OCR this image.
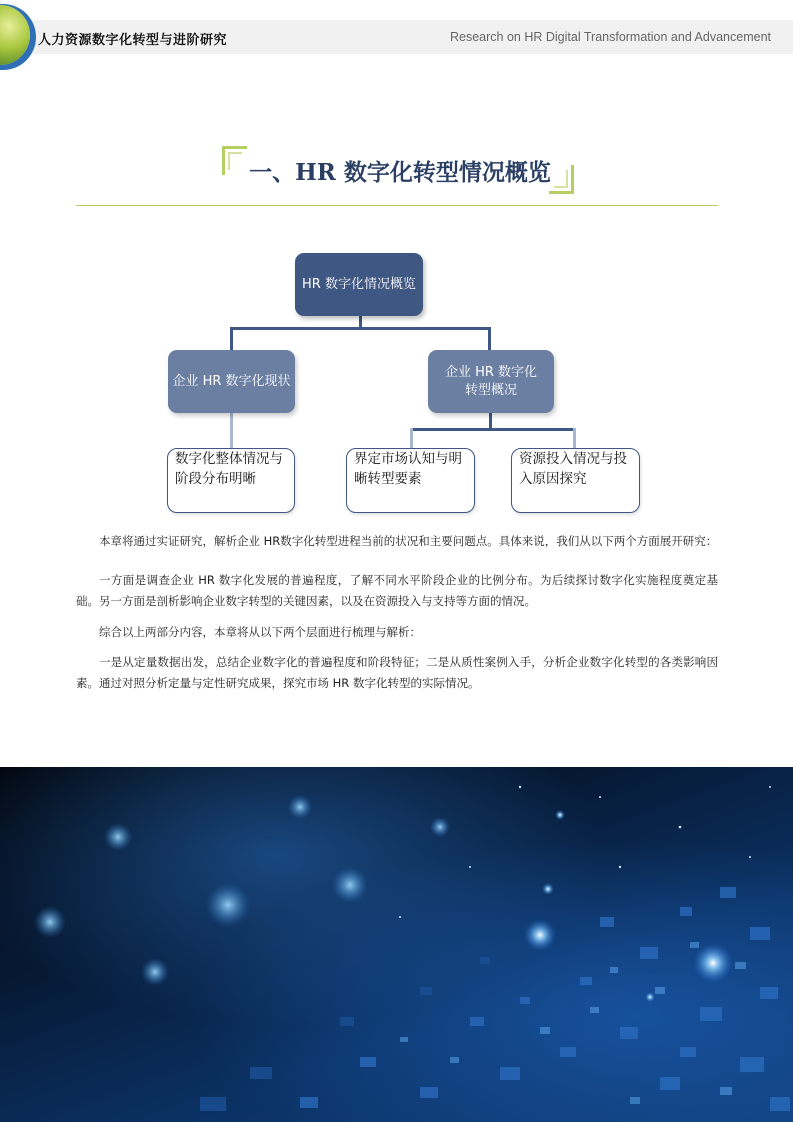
人力资源数字化转型与进阶研究	Research on HR Digital Transformation and Advancement
一、HR 数字化转型情况概览
HR 数字化情况概览
企业 HR 数字化现状
企业 HR 数字化
转型概况
数字化整体情况与
阶段分布明晰
界定市场认知与明
晰转型要素
资源投入情况与投
入原因探究

本章将通过实证研究，解析企业 HR数字化转型进程当前的状况和主要问题点。具体来说，我们从以下两个方面展开研究：

一方面是调查企业 HR 数字化发展的普遍程度，了解不同水平阶段企业的比例分布。为后续探讨数字化实施程度奠定基础。另一方面是剖析影响企业数字转型的关键因素，以及在资源投入与支持等方面的情况。

综合以上两部分内容，本章将从以下两个层面进行梳理与解析：

一是从定量数据出发，总结企业数字化的普遍程度和阶段特征；二是从质性案例入手，分析企业数字化转型的各类影响因素。通过对照分析定量与定性研究成果，探究市场 HR 数字化转型的实际情况。
